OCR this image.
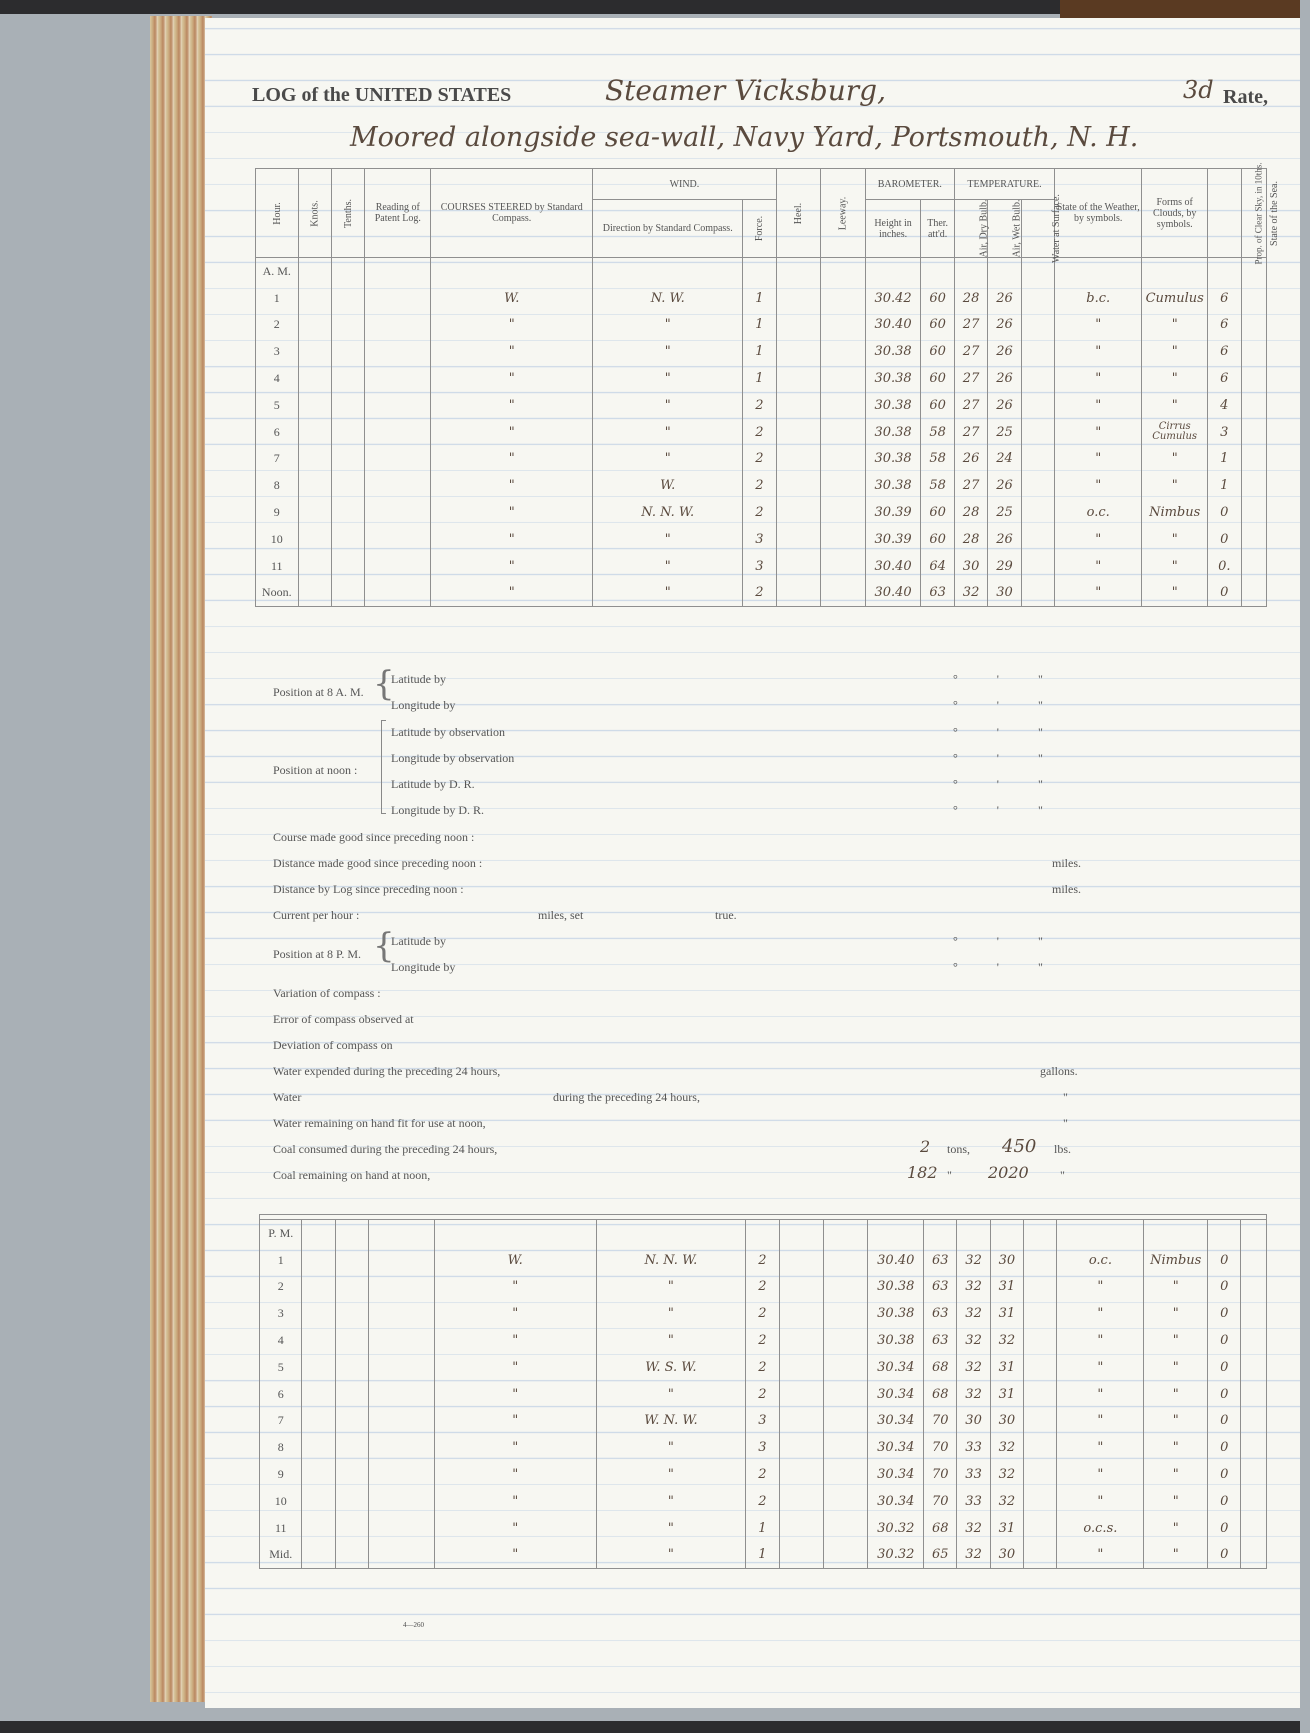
LOG of the UNITED STATES	Steamer Vicksburg,	3d Rate,
Moored alongside sea-wall, Navy Yard, Portsmouth, N. H.
Hour.	Knots.	Tenths.	Reading of Patent Log.	COURSES STEERED by Standard Compass.	WIND.		Heel.	Leeway.	BAROMETER.		TEMPERATURE.			State of the Weather, by symbols.	Forms of Clouds, by symbols.	Prop. of Clear Sky, in 10ths.	State of the Sea.
					Direction by Standard Compass.	Force.			Height in inches.	Ther. att'd.	Air, Dry Bulb.	Air, Wet Bulb.	Water at Surface.				
A. M.																	
1				W.	N. W.	1			30.42	60	28	26		b.c.	Cumulus	6	
2				"	"	1			30.40	60	27	26		"	"	6	
3				"	"	1			30.38	60	27	26		"	"	6	
4				"	"	1			30.38	60	27	26		"	"	6	
5				"	"	2			30.38	60	27	26		"	"	4	
6				"	"	2			30.38	58	27	25		"	Cirrus Cumulus	3	
7				"	"	2			30.38	58	26	24		"	"	1	
8				"	W.	2			30.38	58	27	26		"	"	1	
9				"	N. N. W.	2			30.39	60	28	25		o.c.	Nimbus	0	
10				"	"	3			30.39	60	28	26		"	"	0	
11				"	"	3			30.40	64	30	29		"	"	0.	
Noon.				"	"	2			30.40	63	32	30		"	"	0	
Position at 8 A. M. {
Latitude by
Longitude by
Position at noon :
Latitude by observation
Longitude by observation
Latitude by D. R.
Longitude by D. R.
Course made good since preceding noon :
Distance made good since preceding noon :	miles.
Distance by Log since preceding noon :	miles.
Current per hour :	miles, set	true.
Position at 8 P. M. {
Latitude by
Longitude by
Variation of compass :
Error of compass observed at
Deviation of compass on
Water expended during the preceding 24 hours,	gallons.
Water	during the preceding 24 hours,	"
Water remaining on hand fit for use at noon,	"
Coal consumed during the preceding 24 hours,	2 tons, 450 lbs.
Coal remaining on hand at noon,	182 " 2020	"
° ' "
° ' "
° ' "
° ' "
° ' "
° ' "
° ' "
° ' "

P. M.																	
1				W.	N. N. W.	2			30.40	63	32	30		o.c.	Nimbus	0	
2				"	"	2			30.38	63	32	31		"	"	0	
3				"	"	2			30.38	63	32	31		"	"	0	
4				"	"	2			30.38	63	32	32		"	"	0	
5				"	W. S. W.	2			30.34	68	32	31		"	"	0	
6				"	"	2			30.34	68	32	31		"	"	0	
7				"	W. N. W.	3			30.34	70	30	30		"	"	0	
8				"	"	3			30.34	70	33	32		"	"	0	
9				"	"	2			30.34	70	33	32		"	"	0	
10				"	"	2			30.34	70	33	32		"	"	0	
11				"	"	1			30.32	68	32	31		o.c.s.	"	0	
Mid.				"	"	1			30.32	65	32	30		"	"	0	
4—260
